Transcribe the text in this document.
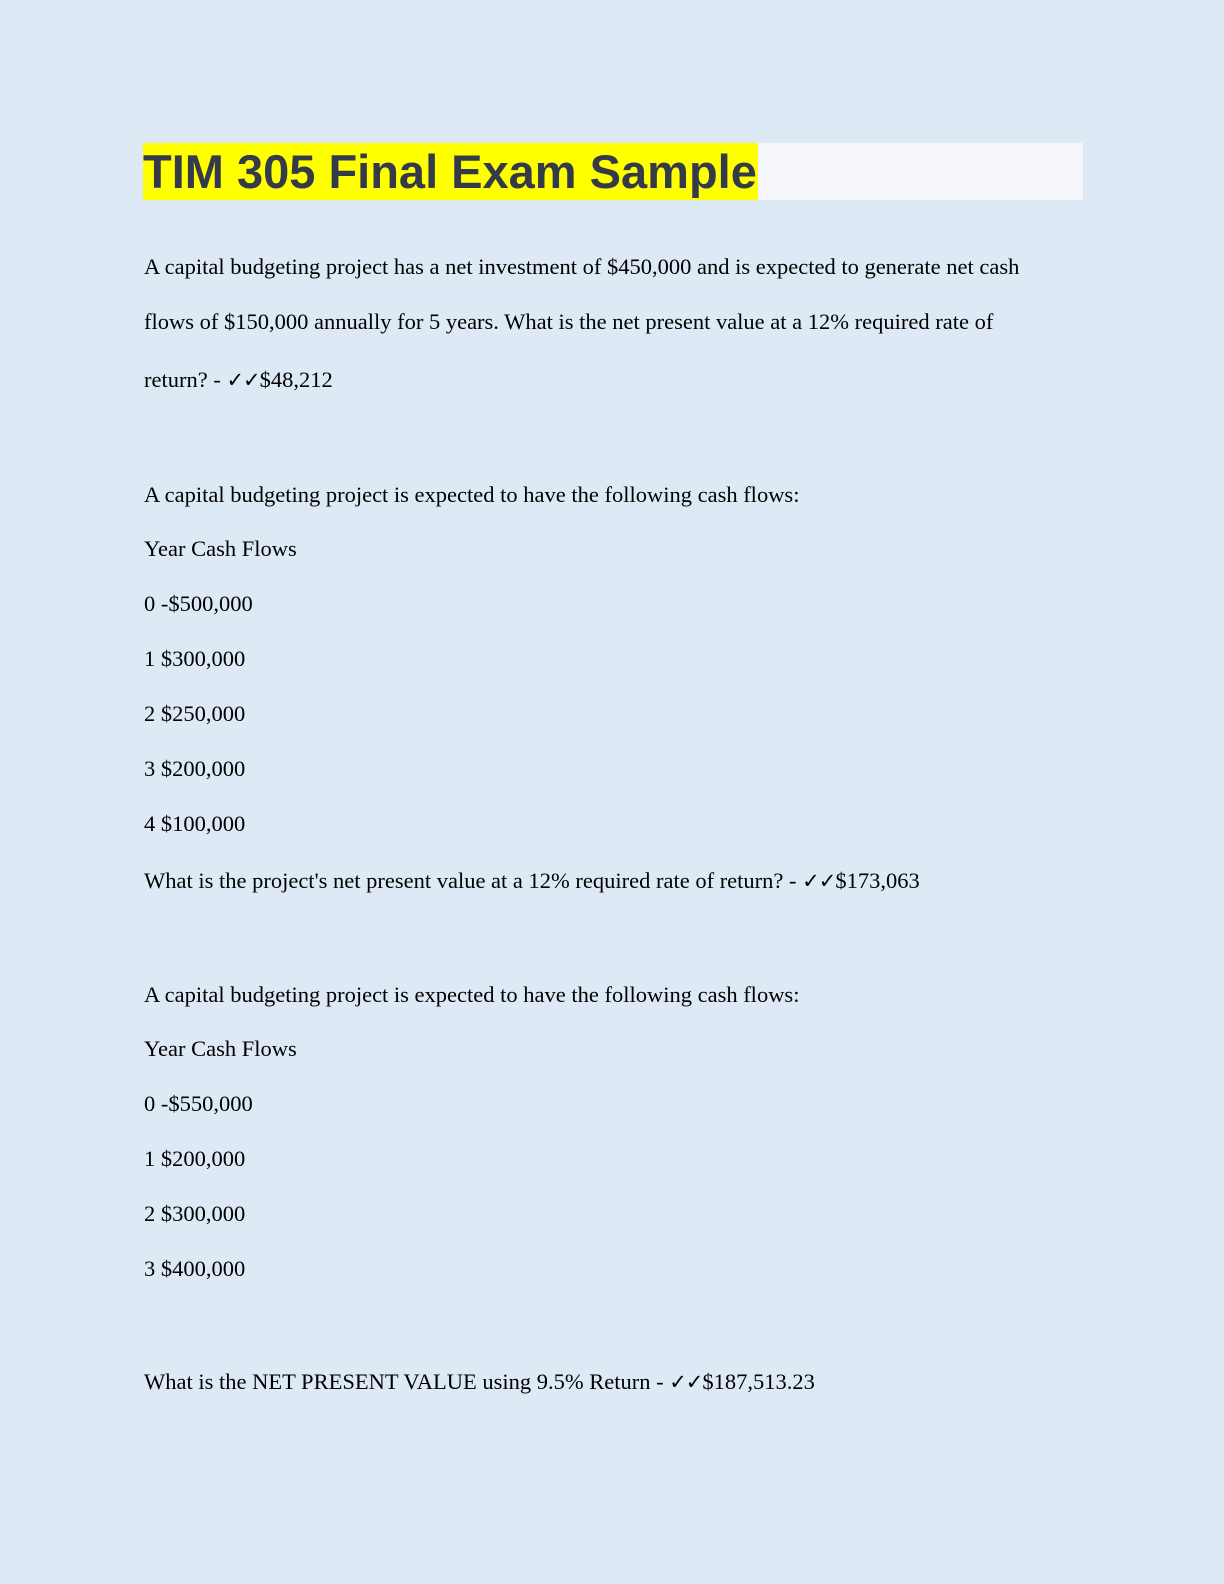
TIM 305 Final Exam Sample
A capital budgeting project has a net investment of $450,000 and is expected to generate net cash
flows of $150,000 annually for 5 years. What is the net present value at a 12% required rate of
return? - ✓✓$48,212
A capital budgeting project is expected to have the following cash flows:
Year Cash Flows
0 -$500,000
1 $300,000
2 $250,000
3 $200,000
4 $100,000
What is the project's net present value at a 12% required rate of return? - ✓✓$173,063
A capital budgeting project is expected to have the following cash flows:
Year Cash Flows
0 -$550,000
1 $200,000
2 $300,000
3 $400,000
What is the NET PRESENT VALUE using 9.5% Return - ✓✓$187,513.23
